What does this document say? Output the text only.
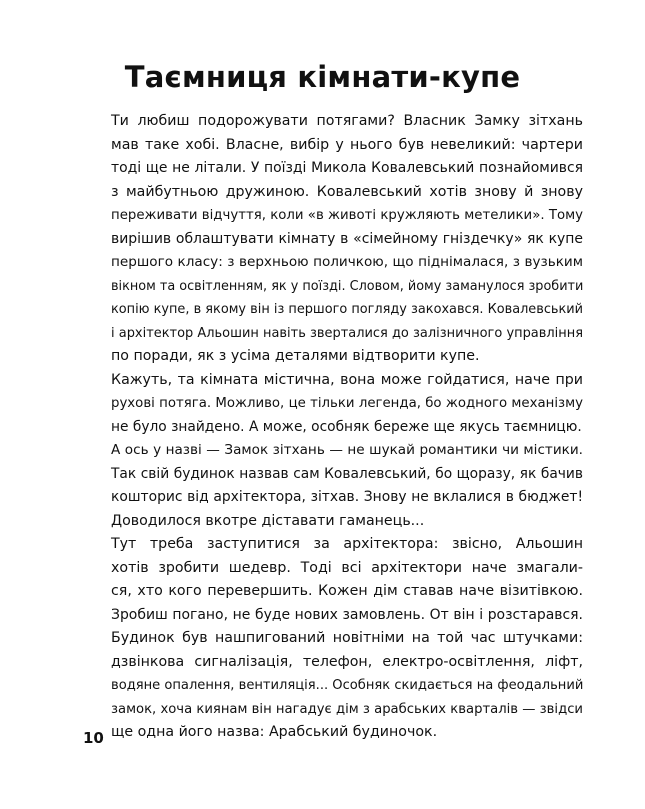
Таємниця кімнати-купе
Ти любиш подорожувати потягами? Власник Замку зітхань
мав таке хобі. Власне, вибір у нього був невеликий: чартери
тоді ще не літали. У поїзді Микола Ковалевський познайомився
з майбутньою дружиною. Ковалевський хотів знову й знову
переживати відчуття, коли «в животі кружляють метелики». Тому
вирішив облаштувати кімнату в «сімейному гніздечку» як купе
першого класу: з верхньою поличкою, що піднімалася, з вузьким
вікном та освітленням, як у поїзді. Словом, йому заманулося зробити
копію купе, в якому він із першого погляду закохався. Ковалевський
і архітектор Альошин навіть зверталися до залізничного управління
по поради, як з усіма деталями відтворити купе.
Кажуть, та кімната містична, вона може гойдатися, наче при
рухові потяга. Можливо, це тільки легенда, бо жодного механізму
не було знайдено. А може, особняк береже ще якусь таємницю.
А ось у назві — Замок зітхань — не шукай романтики чи містики.
Так свій будинок назвав сам Ковалевський, бо щоразу, як бачив
кошторис від архітектора, зітхав. Знову не вклалися в бюджет!
Доводилося вкотре діставати гаманець...
Тут треба заступитися за архітектора: звісно, Альошин
хотів зробити шедевр. Тоді всі архітектори наче змагали-
ся, хто кого перевершить. Кожен дім ставав наче візитівкою.
Зробиш погано, не буде нових замовлень. От він і розстарався.
Будинок був нашпигований новітніми на той час штучками:
дзвінкова сигналізація, телефон, електро-освітлення, ліфт,
водяне опалення, вентиляція... Особняк скидається на феодальний
замок, хоча киянам він нагадує дім з арабських кварталів — звідси
ще одна його назва: Арабський будиночок.
10
